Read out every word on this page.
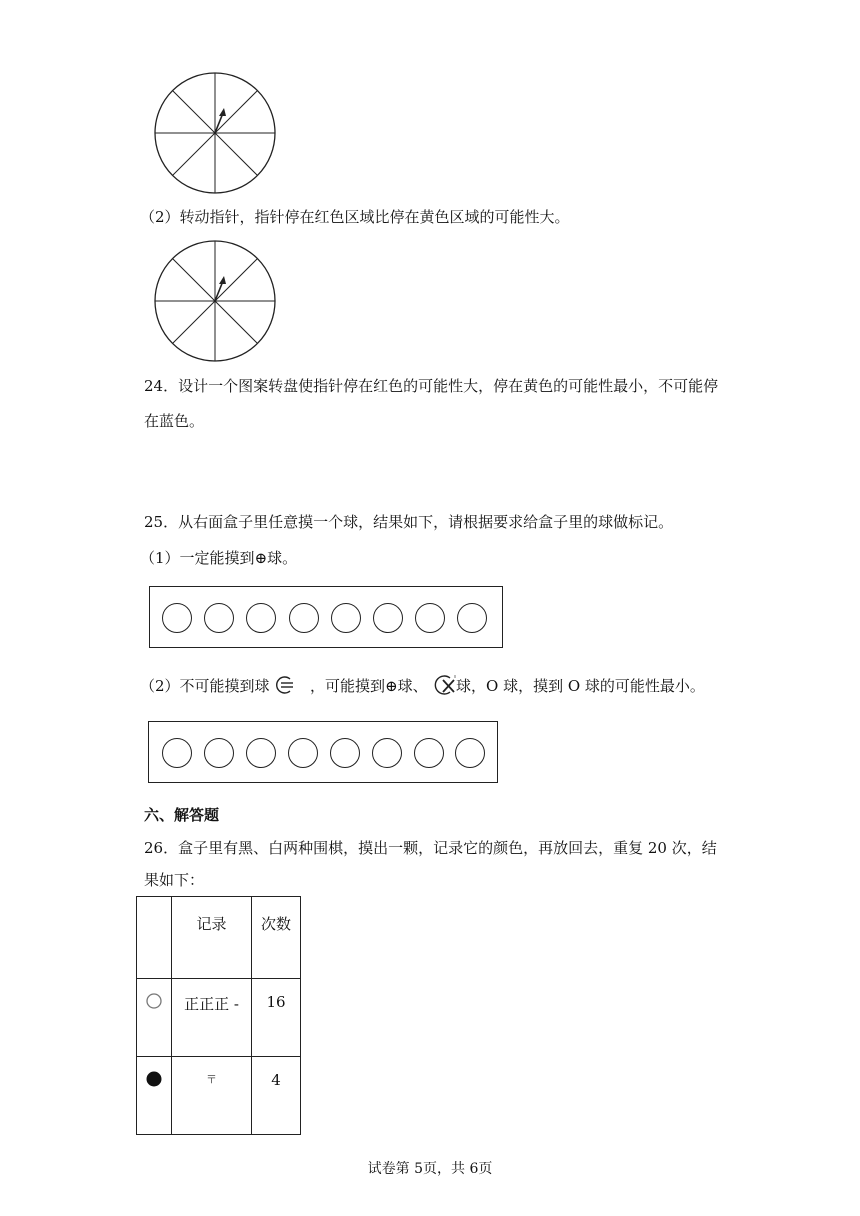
（2）转动指针，指针停在红色区域比停在黄色区域的可能性大。
24．设计一个图案转盘使指针停在红色的可能性大，停在黄色的可能性最小，不可能停
在蓝色。
25．从右面盒子里任意摸一个球，结果如下，请根据要求给盒子里的球做标记。
（1）一定能摸到⊕球。
（2）不可能摸到球	，可能摸到⊕球、 球，O 球，摸到 O 球的可能性最小。
六、解答题
26．盒子里有黑、白两种围棋，摸出一颗，记录它的颜色，再放回去，重复 20 次，结
果如下：
	记录	次数
	正正正 -	16
	〒	4
试卷第 5页，共 6页
